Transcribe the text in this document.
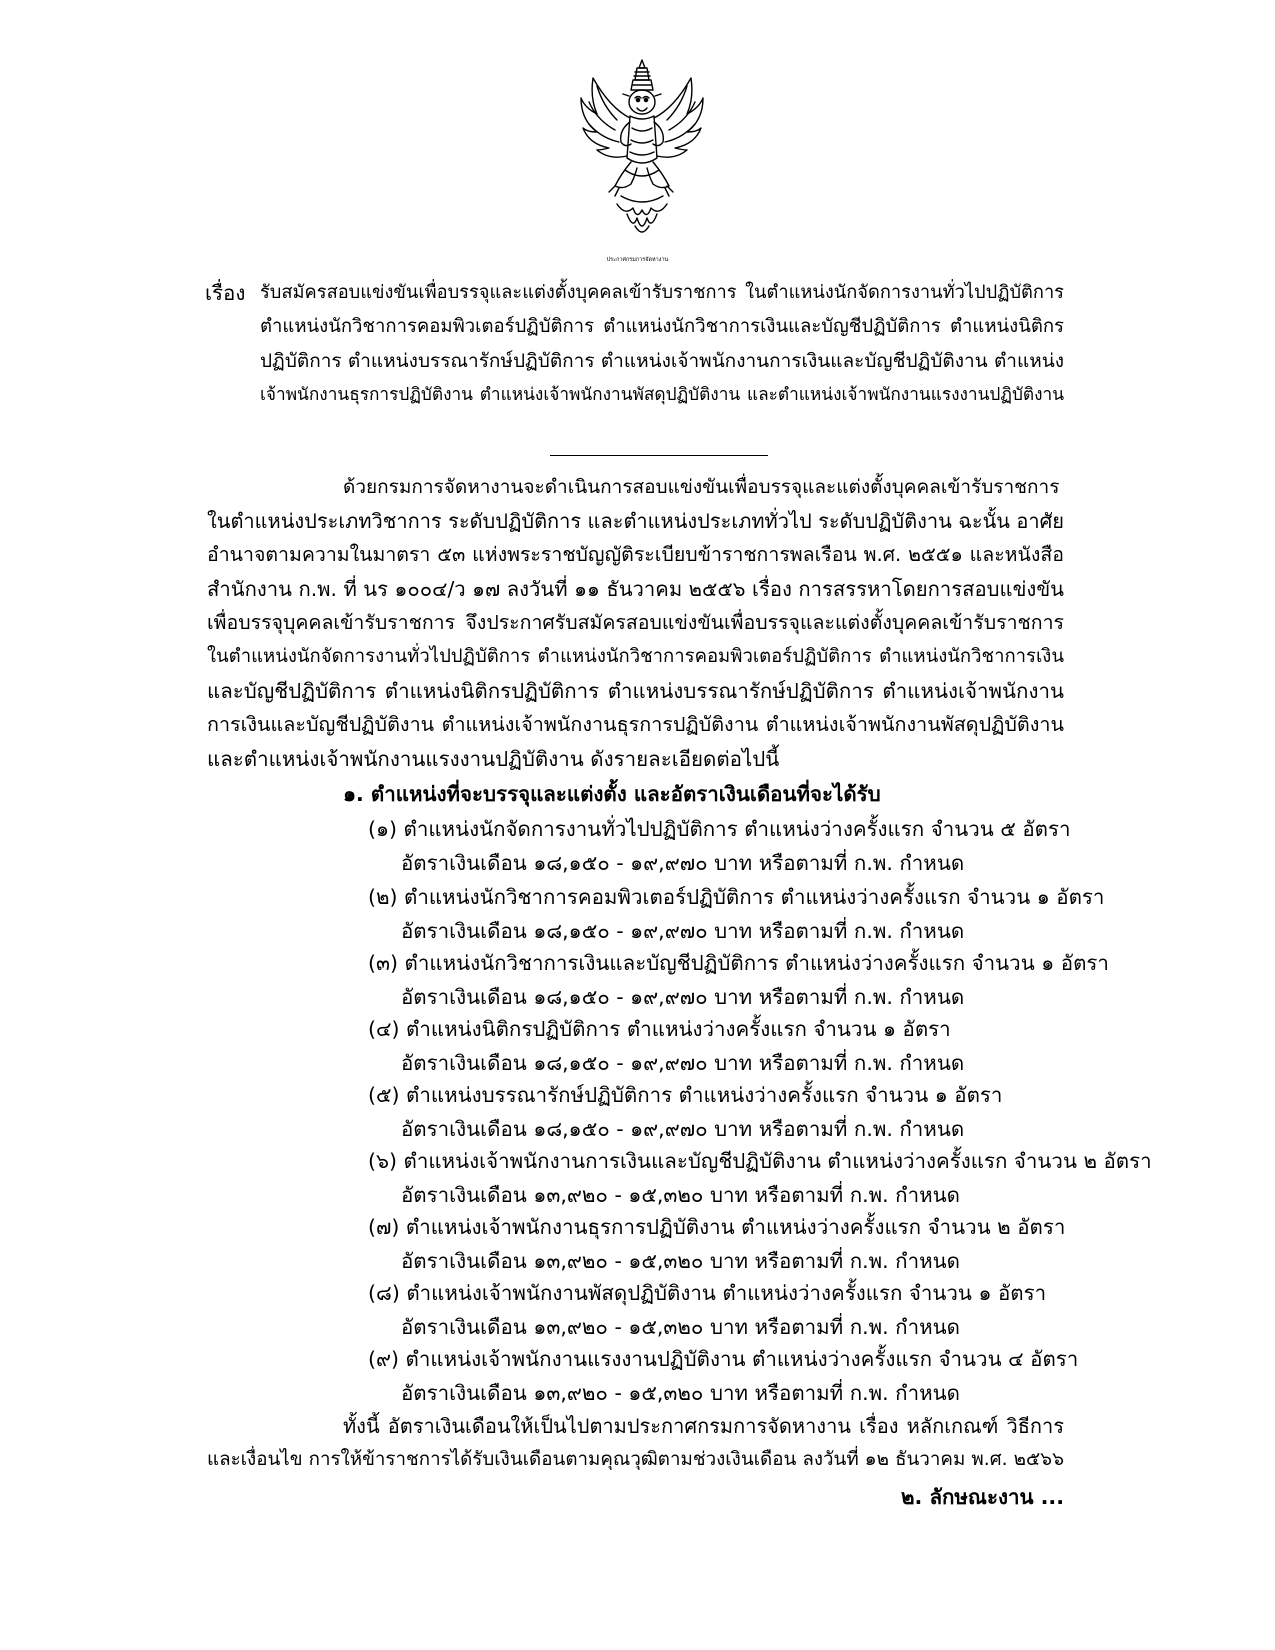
ประกาศกรมการจัดหางาน
เรื่อง รับสมัครสอบแข่งขันเพื่อบรรจุและแต่งตั้งบุคคลเข้ารับราชการ ในตำแหน่งนักจัดการงานทั่วไปปฏิบัติการ
ตำแหน่งนักวิชาการคอมพิวเตอร์ปฏิบัติการ ตำแหน่งนักวิชาการเงินและบัญชีปฏิบัติการ ตำแหน่งนิติกร
ปฏิบัติการ ตำแหน่งบรรณารักษ์ปฏิบัติการ ตำแหน่งเจ้าพนักงานการเงินและบัญชีปฏิบัติงาน ตำแหน่ง
เจ้าพนักงานธุรการปฏิบัติงาน ตำแหน่งเจ้าพนักงานพัสดุปฏิบัติงาน และตำแหน่งเจ้าพนักงานแรงงานปฏิบัติงาน
ด้วยกรมการจัดหางานจะดำเนินการสอบแข่งขันเพื่อบรรจุและแต่งตั้งบุคคลเข้ารับราชการ
ในตำแหน่งประเภทวิชาการ ระดับปฏิบัติการ และตำแหน่งประเภททั่วไป ระดับปฏิบัติงาน ฉะนั้น อาศัย
อำนาจตามความในมาตรา ๕๓ แห่งพระราชบัญญัติระเบียบข้าราชการพลเรือน พ.ศ. ๒๕๕๑ และหนังสือ
สำนักงาน ก.พ. ที่ นร ๑๐๐๔/ว ๑๗ ลงวันที่ ๑๑ ธันวาคม ๒๕๕๖ เรื่อง การสรรหาโดยการสอบแข่งขัน
เพื่อบรรจุบุคคลเข้ารับราชการ จึงประกาศรับสมัครสอบแข่งขันเพื่อบรรจุและแต่งตั้งบุคคลเข้ารับราชการ
ในตำแหน่งนักจัดการงานทั่วไปปฏิบัติการ ตำแหน่งนักวิชาการคอมพิวเตอร์ปฏิบัติการ ตำแหน่งนักวิชาการเงิน
และบัญชีปฏิบัติการ ตำแหน่งนิติกรปฏิบัติการ ตำแหน่งบรรณารักษ์ปฏิบัติการ ตำแหน่งเจ้าพนักงาน
การเงินและบัญชีปฏิบัติงาน ตำแหน่งเจ้าพนักงานธุรการปฏิบัติงาน ตำแหน่งเจ้าพนักงานพัสดุปฏิบัติงาน
และตำแหน่งเจ้าพนักงานแรงงานปฏิบัติงาน ดังรายละเอียดต่อไปนี้
๑. ตำแหน่งที่จะบรรจุและแต่งตั้ง และอัตราเงินเดือนที่จะได้รับ
(๑) ตำแหน่งนักจัดการงานทั่วไปปฏิบัติการ ตำแหน่งว่างครั้งแรก จำนวน ๕ อัตรา
อัตราเงินเดือน ๑๘,๑๕๐ - ๑๙,๙๗๐ บาท หรือตามที่ ก.พ. กำหนด
(๒) ตำแหน่งนักวิชาการคอมพิวเตอร์ปฏิบัติการ ตำแหน่งว่างครั้งแรก จำนวน ๑ อัตรา
อัตราเงินเดือน ๑๘,๑๕๐ - ๑๙,๙๗๐ บาท หรือตามที่ ก.พ. กำหนด
(๓) ตำแหน่งนักวิชาการเงินและบัญชีปฏิบัติการ ตำแหน่งว่างครั้งแรก จำนวน ๑ อัตรา
อัตราเงินเดือน ๑๘,๑๕๐ - ๑๙,๙๗๐ บาท หรือตามที่ ก.พ. กำหนด
(๔) ตำแหน่งนิติกรปฏิบัติการ ตำแหน่งว่างครั้งแรก จำนวน ๑ อัตรา
อัตราเงินเดือน ๑๘,๑๕๐ - ๑๙,๙๗๐ บาท หรือตามที่ ก.พ. กำหนด
(๕) ตำแหน่งบรรณารักษ์ปฏิบัติการ ตำแหน่งว่างครั้งแรก จำนวน ๑ อัตรา
อัตราเงินเดือน ๑๘,๑๕๐ - ๑๙,๙๗๐ บาท หรือตามที่ ก.พ. กำหนด
(๖) ตำแหน่งเจ้าพนักงานการเงินและบัญชีปฏิบัติงาน ตำแหน่งว่างครั้งแรก จำนวน ๒ อัตรา
อัตราเงินเดือน ๑๓,๙๒๐ - ๑๕,๓๒๐ บาท หรือตามที่ ก.พ. กำหนด
(๗) ตำแหน่งเจ้าพนักงานธุรการปฏิบัติงาน ตำแหน่งว่างครั้งแรก จำนวน ๒ อัตรา
อัตราเงินเดือน ๑๓,๙๒๐ - ๑๕,๓๒๐ บาท หรือตามที่ ก.พ. กำหนด
(๘) ตำแหน่งเจ้าพนักงานพัสดุปฏิบัติงาน ตำแหน่งว่างครั้งแรก จำนวน ๑ อัตรา
อัตราเงินเดือน ๑๓,๙๒๐ - ๑๕,๓๒๐ บาท หรือตามที่ ก.พ. กำหนด
(๙) ตำแหน่งเจ้าพนักงานแรงงานปฏิบัติงาน ตำแหน่งว่างครั้งแรก จำนวน ๔ อัตรา
อัตราเงินเดือน ๑๓,๙๒๐ - ๑๕,๓๒๐ บาท หรือตามที่ ก.พ. กำหนด
ทั้งนี้ อัตราเงินเดือนให้เป็นไปตามประกาศกรมการจัดหางาน เรื่อง หลักเกณฑ์ วิธีการ
และเงื่อนไข การให้ข้าราชการได้รับเงินเดือนตามคุณวุฒิตามช่วงเงินเดือน ลงวันที่ ๑๒ ธันวาคม พ.ศ. ๒๕๖๖
๒. ลักษณะงาน ...
